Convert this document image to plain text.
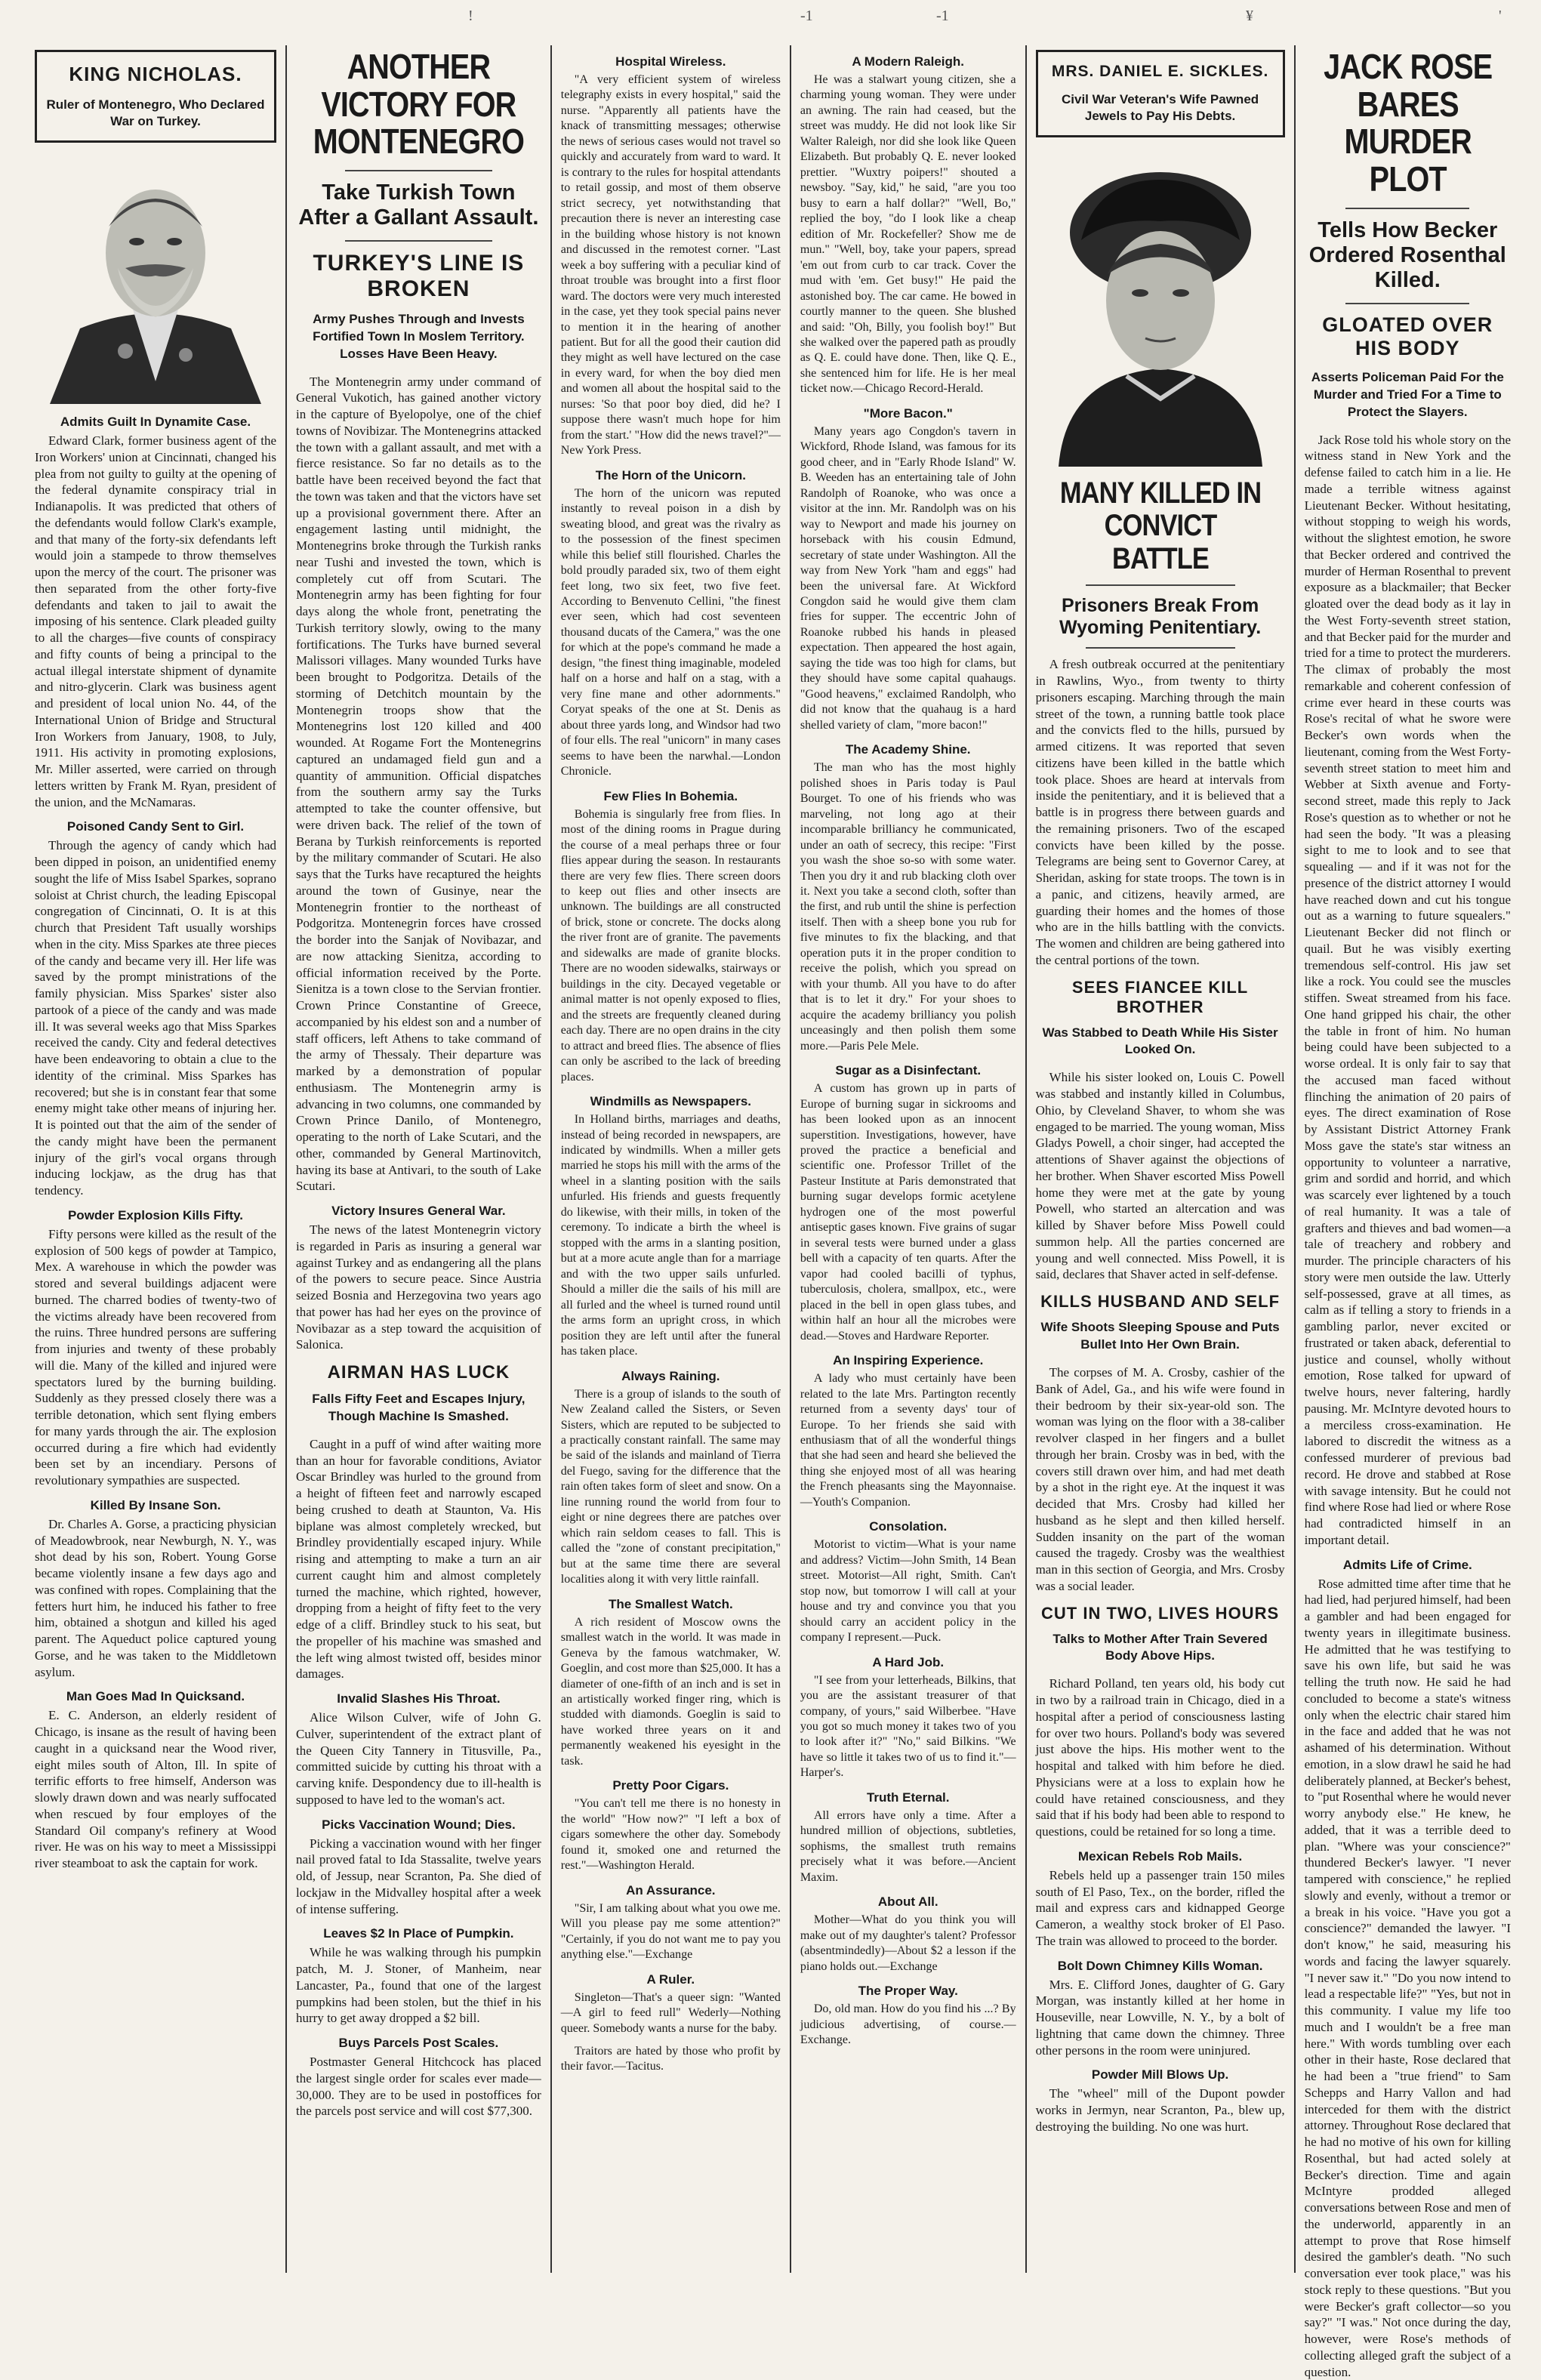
!	-1	-1	¥	'
KING NICHOLAS.
Ruler of Montenegro, Who Declared War on Turkey.
Admits Guilt In Dynamite Case.

Edward Clark, former business agent of the Iron Workers' union at Cincinnati, changed his plea from not guilty to guilty at the opening of the federal dynamite conspiracy trial in Indianapolis. It was predicted that others of the defendants would follow Clark's example, and that many of the forty-six defendants left would join a stampede to throw themselves upon the mercy of the court. The prisoner was then separated from the other forty-five defendants and taken to jail to await the imposing of his sentence. Clark pleaded guilty to all the charges—five counts of conspiracy and fifty counts of being a principal to the actual illegal interstate shipment of dynamite and nitro-glycerin. Clark was business agent and president of local union No. 44, of the International Union of Bridge and Structural Iron Workers from January, 1908, to July, 1911. His activity in promoting explosions, Mr. Miller asserted, were carried on through letters written by Frank M. Ryan, president of the union, and the McNamaras.

Poisoned Candy Sent to Girl.

Through the agency of candy which had been dipped in poison, an unidentified enemy sought the life of Miss Isabel Sparkes, soprano soloist at Christ church, the leading Episcopal congregation of Cincinnati, O. It is at this church that President Taft usually worships when in the city. Miss Sparkes ate three pieces of the candy and became very ill. Her life was saved by the prompt ministrations of the family physician. Miss Sparkes' sister also partook of a piece of the candy and was made ill. It was several weeks ago that Miss Sparkes received the candy. City and federal detectives have been endeavoring to obtain a clue to the identity of the criminal. Miss Sparkes has recovered; but she is in constant fear that some enemy might take other means of injuring her. It is pointed out that the aim of the sender of the candy might have been the permanent injury of the girl's vocal organs through inducing lockjaw, as the drug has that tendency.

Powder Explosion Kills Fifty.

Fifty persons were killed as the result of the explosion of 500 kegs of powder at Tampico, Mex. A warehouse in which the powder was stored and several buildings adjacent were burned. The charred bodies of twenty-two of the victims already have been recovered from the ruins. Three hundred persons are suffering from injuries and twenty of these probably will die. Many of the killed and injured were spectators lured by the burning building. Suddenly as they pressed closely there was a terrible detonation, which sent flying embers for many yards through the air. The explosion occurred during a fire which had evidently been set by an incendiary. Persons of revolutionary sympathies are suspected.

Killed By Insane Son.

Dr. Charles A. Gorse, a practicing physician of Meadowbrook, near Newburgh, N. Y., was shot dead by his son, Robert. Young Gorse became violently insane a few days ago and was confined with ropes. Complaining that the fetters hurt him, he induced his father to free him, obtained a shotgun and killed his aged parent. The Aqueduct police captured young Gorse, and he was taken to the Middletown asylum.

Man Goes Mad In Quicksand.

E. C. Anderson, an elderly resident of Chicago, is insane as the result of having been caught in a quicksand near the Wood river, eight miles south of Alton, Ill. In spite of terrific efforts to free himself, Anderson was slowly drawn down and was nearly suffocated when rescued by four employes of the Standard Oil company's refinery at Wood river. He was on his way to meet a Mississippi river steamboat to ask the captain for work.

ANOTHER VICTORY FOR MONTENEGRO
Take Turkish Town After a Gallant Assault.
TURKEY'S LINE IS BROKEN
Army Pushes Through and Invests Fortified Town In Moslem Territory. Losses Have Been Heavy.

The Montenegrin army under command of General Vukotich, has gained another victory in the capture of Byelopolye, one of the chief towns of Novibizar. The Montenegrins attacked the town with a gallant assault, and met with a fierce resistance. So far no details as to the battle have been received beyond the fact that the town was taken and that the victors have set up a provisional government there. After an engagement lasting until midnight, the Montenegrins broke through the Turkish ranks near Tushi and invested the town, which is completely cut off from Scutari. The Montenegrin army has been fighting for four days along the whole front, penetrating the Turkish territory slowly, owing to the many fortifications. The Turks have burned several Malissori villages. Many wounded Turks have been brought to Podgoritza. Details of the storming of Detchitch mountain by the Montenegrin troops show that the Montenegrins lost 120 killed and 400 wounded. At Rogame Fort the Montenegrins captured an undamaged field gun and a quantity of ammunition. Official dispatches from the southern army say the Turks attempted to take the counter offensive, but were driven back. The relief of the town of Berana by Turkish reinforcements is reported by the military commander of Scutari. He also says that the Turks have recaptured the heights around the town of Gusinye, near the Montenegrin frontier to the northeast of Podgoritza. Montenegrin forces have crossed the border into the Sanjak of Novibazar, and are now attacking Sienitza, according to official information received by the Porte. Sienitza is a town close to the Servian frontier. Crown Prince Constantine of Greece, accompanied by his eldest son and a number of staff officers, left Athens to take command of the army of Thessaly. Their departure was marked by a demonstration of popular enthusiasm. The Montenegrin army is advancing in two columns, one commanded by Crown Prince Danilo, of Montenegro, operating to the north of Lake Scutari, and the other, commanded by General Martinovitch, having its base at Antivari, to the south of Lake Scutari.

Victory Insures General War.

The news of the latest Montenegrin victory is regarded in Paris as insuring a general war against Turkey and as endangering all the plans of the powers to secure peace. Since Austria seized Bosnia and Herzegovina two years ago that power has had her eyes on the province of Novibazar as a step toward the acquisition of Salonica.

AIRMAN HAS LUCK
Falls Fifty Feet and Escapes Injury, Though Machine Is Smashed.

Caught in a puff of wind after waiting more than an hour for favorable conditions, Aviator Oscar Brindley was hurled to the ground from a height of fifteen feet and narrowly escaped being crushed to death at Staunton, Va. His biplane was almost completely wrecked, but Brindley providentially escaped injury. While rising and attempting to make a turn an air current caught him and almost completely turned the machine, which righted, however, dropping from a height of fifty feet to the very edge of a cliff. Brindley stuck to his seat, but the propeller of his machine was smashed and the left wing almost twisted off, besides minor damages.

Invalid Slashes His Throat.

Alice Wilson Culver, wife of John G. Culver, superintendent of the extract plant of the Queen City Tannery in Titusville, Pa., committed suicide by cutting his throat with a carving knife. Despondency due to ill-health is supposed to have led to the woman's act.

Picks Vaccination Wound; Dies.

Picking a vaccination wound with her finger nail proved fatal to Ida Stassalite, twelve years old, of Jessup, near Scranton, Pa. She died of lockjaw in the Midvalley hospital after a week of intense suffering.

Leaves $2 In Place of Pumpkin.

While he was walking through his pumpkin patch, M. J. Stoner, of Manheim, near Lancaster, Pa., found that one of the largest pumpkins had been stolen, but the thief in his hurry to get away dropped a $2 bill.

Buys Parcels Post Scales.

Postmaster General Hitchcock has placed the largest single order for scales ever made—30,000. They are to be used in postoffices for the parcels post service and will cost $77,300.

Hospital Wireless.

"A very efficient system of wireless telegraphy exists in every hospital," said the nurse. "Apparently all patients have the knack of transmitting messages; otherwise the news of serious cases would not travel so quickly and accurately from ward to ward. It is contrary to the rules for hospital attendants to retail gossip, and most of them observe strict secrecy, yet notwithstanding that precaution there is never an interesting case in the building whose history is not known and discussed in the remotest corner. "Last week a boy suffering with a peculiar kind of throat trouble was brought into a first floor ward. The doctors were very much interested in the case, yet they took special pains never to mention it in the hearing of another patient. But for all the good their caution did they might as well have lectured on the case in every ward, for when the boy died men and women all about the hospital said to the nurses: 'So that poor boy died, did he? I suppose there wasn't much hope for him from the start.' "How did the news travel?"—New York Press.

The Horn of the Unicorn.

The horn of the unicorn was reputed instantly to reveal poison in a dish by sweating blood, and great was the rivalry as to the possession of the finest specimen while this belief still flourished. Charles the bold proudly paraded six, two of them eight feet long, two six feet, two five feet. According to Benvenuto Cellini, "the finest ever seen, which had cost seventeen thousand ducats of the Camera," was the one for which at the pope's command he made a design, "the finest thing imaginable, modeled half on a horse and half on a stag, with a very fine mane and other adornments." Coryat speaks of the one at St. Denis as about three yards long, and Windsor had two of four ells. The real "unicorn" in many cases seems to have been the narwhal.—London Chronicle.

Few Flies In Bohemia.

Bohemia is singularly free from flies. In most of the dining rooms in Prague during the course of a meal perhaps three or four flies appear during the season. In restaurants there are very few flies. There screen doors to keep out flies and other insects are unknown. The buildings are all constructed of brick, stone or concrete. The docks along the river front are of granite. The pavements and sidewalks are made of granite blocks. There are no wooden sidewalks, stairways or buildings in the city. Decayed vegetable or animal matter is not openly exposed to flies, and the streets are frequently cleaned during each day. There are no open drains in the city to attract and breed flies. The absence of flies can only be ascribed to the lack of breeding places.

Windmills as Newspapers.

In Holland births, marriages and deaths, instead of being recorded in newspapers, are indicated by windmills. When a miller gets married he stops his mill with the arms of the wheel in a slanting position with the sails unfurled. His friends and guests frequently do likewise, with their mills, in token of the ceremony. To indicate a birth the wheel is stopped with the arms in a slanting position, but at a more acute angle than for a marriage and with the two upper sails unfurled. Should a miller die the sails of his mill are all furled and the wheel is turned round until the arms form an upright cross, in which position they are left until after the funeral has taken place.

Always Raining.

There is a group of islands to the south of New Zealand called the Sisters, or Seven Sisters, which are reputed to be subjected to a practically constant rainfall. The same may be said of the islands and mainland of Tierra del Fuego, saving for the difference that the rain often takes form of sleet and snow. On a line running round the world from four to eight or nine degrees there are patches over which rain seldom ceases to fall. This is called the "zone of constant precipitation," but at the same time there are several localities along it with very little rainfall.

The Smallest Watch.

A rich resident of Moscow owns the smallest watch in the world. It was made in Geneva by the famous watchmaker, W. Goeglin, and cost more than $25,000. It has a diameter of one-fifth of an inch and is set in an artistically worked finger ring, which is studded with diamonds. Goeglin is said to have worked three years on it and permanently weakened his eyesight in the task.

Pretty Poor Cigars.

"You can't tell me there is no honesty in the world" "How now?" "I left a box of cigars somewhere the other day. Somebody found it, smoked one and returned the rest."—Washington Herald.

An Assurance.

"Sir, I am talking about what you owe me. Will you please pay me some attention?" "Certainly, if you do not want me to pay you anything else."—Exchange

A Ruler.

Singleton—That's a queer sign: "Wanted—A girl to feed rull" Wederly—Nothing queer. Somebody wants a nurse for the baby.

Traitors are hated by those who profit by their favor.—Tacitus.

A Modern Raleigh.

He was a stalwart young citizen, she a charming young woman. They were under an awning. The rain had ceased, but the street was muddy. He did not look like Sir Walter Raleigh, nor did she look like Queen Elizabeth. But probably Q. E. never looked prettier. "Wuxtry poipers!" shouted a newsboy. "Say, kid," he said, "are you too busy to earn a half dollar?" "Well, Bo," replied the boy, "do I look like a cheap edition of Mr. Rockefeller? Show me de mun." "Well, boy, take your papers, spread 'em out from curb to car track. Cover the mud with 'em. Get busy!" He paid the astonished boy. The car came. He bowed in courtly manner to the queen. She blushed and said: "Oh, Billy, you foolish boy!" But she walked over the papered path as proudly as Q. E. could have done. Then, like Q. E., she sentenced him for life. He is her meal ticket now.—Chicago Record-Herald.

"More Bacon."

Many years ago Congdon's tavern in Wickford, Rhode Island, was famous for its good cheer, and in "Early Rhode Island" W. B. Weeden has an entertaining tale of John Randolph of Roanoke, who was once a visitor at the inn. Mr. Randolph was on his way to Newport and made his journey on horseback with his cousin Edmund, secretary of state under Washington. All the way from New York "ham and eggs" had been the universal fare. At Wickford Congdon said he would give them clam fries for supper. The eccentric John of Roanoke rubbed his hands in pleased expectation. Then appeared the host again, saying the tide was too high for clams, but they should have some capital quahaugs. "Good heavens," exclaimed Randolph, who did not know that the quahaug is a hard shelled variety of clam, "more bacon!"

The Academy Shine.

The man who has the most highly polished shoes in Paris today is Paul Bourget. To one of his friends who was marveling, not long ago at their incomparable brilliancy he communicated, under an oath of secrecy, this recipe: "First you wash the shoe so-so with some water. Then you dry it and rub blacking cloth over it. Next you take a second cloth, softer than the first, and rub until the shine is perfection itself. Then with a sheep bone you rub for five minutes to fix the blacking, and that operation puts it in the proper condition to receive the polish, which you spread on with your thumb. All you have to do after that is to let it dry." For your shoes to acquire the academy brilliancy you polish unceasingly and then polish them some more.—Paris Pele Mele.

Sugar as a Disinfectant.

A custom has grown up in parts of Europe of burning sugar in sickrooms and has been looked upon as an innocent superstition. Investigations, however, have proved the practice a beneficial and scientific one. Professor Trillet of the Pasteur Institute at Paris demonstrated that burning sugar develops formic acetylene hydrogen one of the most powerful antiseptic gases known. Five grains of sugar in several tests were burned under a glass bell with a capacity of ten quarts. After the vapor had cooled bacilli of typhus, tuberculosis, cholera, smallpox, etc., were placed in the bell in open glass tubes, and within half an hour all the microbes were dead.—Stoves and Hardware Reporter.

An Inspiring Experience.

A lady who must certainly have been related to the late Mrs. Partington recently returned from a seventy days' tour of Europe. To her friends she said with enthusiasm that of all the wonderful things that she had seen and heard she believed the thing she enjoyed most of all was hearing the French pheasants sing the Mayonnaise.—Youth's Companion.

Consolation.

Motorist to victim—What is your name and address? Victim—John Smith, 14 Bean street. Motorist—All right, Smith. Can't stop now, but tomorrow I will call at your house and try and convince you that you should carry an accident policy in the company I represent.—Puck.

A Hard Job.

"I see from your letterheads, Bilkins, that you are the assistant treasurer of that company, of yours," said Wilberbee. "Have you got so much money it takes two of you to look after it?" "No," said Bilkins. "We have so little it takes two of us to find it."—Harper's.

Truth Eternal.

All errors have only a time. After a hundred million of objections, subtleties, sophisms, the smallest truth remains precisely what it was before.—Ancient Maxim.

About All.

Mother—What do you think you will make out of my daughter's talent? Professor (absentmindedly)—About $2 a lesson if the piano holds out.—Exchange

The Proper Way.

Do, old man. How do you find his ...? By judicious advertising, of course.—Exchange.

MRS. DANIEL E. SICKLES.
Civil War Veteran's Wife Pawned Jewels to Pay His Debts.
MANY KILLED IN CONVICT BATTLE
Prisoners Break From Wyoming Penitentiary.

A fresh outbreak occurred at the penitentiary in Rawlins, Wyo., from twenty to thirty prisoners escaping. Marching through the main street of the town, a running battle took place and the convicts fled to the hills, pursued by armed citizens. It was reported that seven citizens have been killed in the battle which took place. Shoes are heard at intervals from inside the penitentiary, and it is believed that a battle is in progress there between guards and the remaining prisoners. Two of the escaped convicts have been killed by the posse. Telegrams are being sent to Governor Carey, at Sheridan, asking for state troops. The town is in a panic, and citizens, heavily armed, are guarding their homes and the homes of those who are in the hills battling with the convicts. The women and children are being gathered into the central portions of the town.

SEES FIANCEE KILL BROTHER
Was Stabbed to Death While His Sister Looked On.

While his sister looked on, Louis C. Powell was stabbed and instantly killed in Columbus, Ohio, by Cleveland Shaver, to whom she was engaged to be married. The young woman, Miss Gladys Powell, a choir singer, had accepted the attentions of Shaver against the objections of her brother. When Shaver escorted Miss Powell home they were met at the gate by young Powell, who started an altercation and was killed by Shaver before Miss Powell could summon help. All the parties concerned are young and well connected. Miss Powell, it is said, declares that Shaver acted in self-defense.

KILLS HUSBAND AND SELF
Wife Shoots Sleeping Spouse and Puts Bullet Into Her Own Brain.

The corpses of M. A. Crosby, cashier of the Bank of Adel, Ga., and his wife were found in their bedroom by their six-year-old son. The woman was lying on the floor with a 38-caliber revolver clasped in her fingers and a bullet through her brain. Crosby was in bed, with the covers still drawn over him, and had met death by a shot in the right eye. At the inquest it was decided that Mrs. Crosby had killed her husband as he slept and then killed herself. Sudden insanity on the part of the woman caused the tragedy. Crosby was the wealthiest man in this section of Georgia, and Mrs. Crosby was a social leader.

CUT IN TWO, LIVES HOURS
Talks to Mother After Train Severed Body Above Hips.

Richard Polland, ten years old, his body cut in two by a railroad train in Chicago, died in a hospital after a period of consciousness lasting for over two hours. Polland's body was severed just above the hips. His mother went to the hospital and talked with him before he died. Physicians were at a loss to explain how he could have retained consciousness, and they said that if his body had been able to respond to questions, could be retained for so long a time.

Mexican Rebels Rob Mails.

Rebels held up a passenger train 150 miles south of El Paso, Tex., on the border, rifled the mail and express cars and kidnapped George Cameron, a wealthy stock broker of El Paso. The train was allowed to proceed to the border.

Bolt Down Chimney Kills Woman.

Mrs. E. Clifford Jones, daughter of G. Gary Morgan, was instantly killed at her home in Houseville, near Lowville, N. Y., by a bolt of lightning that came down the chimney. Three other persons in the room were uninjured.

Powder Mill Blows Up.

The "wheel" mill of the Dupont powder works in Jermyn, near Scranton, Pa., blew up, destroying the building. No one was hurt.

JACK ROSE BARES MURDER PLOT
Tells How Becker Ordered Rosenthal Killed.
GLOATED OVER HIS BODY
Asserts Policeman Paid For the Murder and Tried For a Time to Protect the Slayers.

Jack Rose told his whole story on the witness stand in New York and the defense failed to catch him in a lie. He made a terrible witness against Lieutenant Becker. Without hesitating, without stopping to weigh his words, without the slightest emotion, he swore that Becker ordered and contrived the murder of Herman Rosenthal to prevent exposure as a blackmailer; that Becker gloated over the dead body as it lay in the West Forty-seventh street station, and that Becker paid for the murder and tried for a time to protect the murderers. The climax of probably the most remarkable and coherent confession of crime ever heard in these courts was Rose's recital of what he swore were Becker's own words when the lieutenant, coming from the West Forty-seventh street station to meet him and Webber at Sixth avenue and Forty-second street, made this reply to Jack Rose's question as to whether or not he had seen the body. "It was a pleasing sight to me to look and to see that squealing — and if it was not for the presence of the district attorney I would have reached down and cut his tongue out as a warning to future squealers." Lieutenant Becker did not flinch or quail. But he was visibly exerting tremendous self-control. His jaw set like a rock. You could see the muscles stiffen. Sweat streamed from his face. One hand gripped his chair, the other the table in front of him. No human being could have been subjected to a worse ordeal. It is only fair to say that the accused man faced without flinching the animation of 20 pairs of eyes. The direct examination of Rose by Assistant District Attorney Frank Moss gave the state's star witness an opportunity to volunteer a narrative, grim and sordid and horrid, and which was scarcely ever lightened by a touch of real humanity. It was a tale of grafters and thieves and bad women—a tale of treachery and robbery and murder. The principle characters of his story were men outside the law. Utterly self-possessed, grave at all times, as calm as if telling a story to friends in a gambling parlor, never excited or frustrated or taken aback, deferential to justice and counsel, wholly without emotion, Rose talked for upward of twelve hours, never faltering, hardly pausing. Mr. McIntyre devoted hours to a merciless cross-examination. He labored to discredit the witness as a confessed murderer of previous bad record. He drove and stabbed at Rose with savage intensity. But he could not find where Rose had lied or where Rose had contradicted himself in an important detail.

Admits Life of Crime.

Rose admitted time after time that he had lied, had perjured himself, had been a gambler and had been engaged for twenty years in illegitimate business. He admitted that he was testifying to save his own life, but said he was telling the truth now. He said he had concluded to become a state's witness only when the electric chair stared him in the face and added that he was not ashamed of his determination. Without emotion, in a slow drawl he said he had deliberately planned, at Becker's behest, to "put Rosenthal where he would never worry anybody else." He knew, he added, that it was a terrible deed to plan. "Where was your conscience?" thundered Becker's lawyer. "I never tampered with conscience," he replied slowly and evenly, without a tremor or a break in his voice. "Have you got a conscience?" demanded the lawyer. "I don't know," he said, measuring his words and facing the lawyer squarely. "I never saw it." "Do you now intend to lead a respectable life?" "Yes, but not in this community. I value my life too much and I wouldn't be a free man here." With words tumbling over each other in their haste, Rose declared that he had been a "true friend" to Sam Schepps and Harry Vallon and had interceded for them with the district attorney. Throughout Rose declared that he had no motive of his own for killing Rosenthal, but had acted solely at Becker's direction. Time and again McIntyre prodded alleged conversations between Rose and men of the underworld, apparently in an attempt to prove that Rose himself desired the gambler's death. "No such conversation ever took place," was his stock reply to these questions. "But you were Becker's graft collector—so you say?" "I was." Not once during the day, however, were Rose's methods of collecting alleged graft the subject of a question.
